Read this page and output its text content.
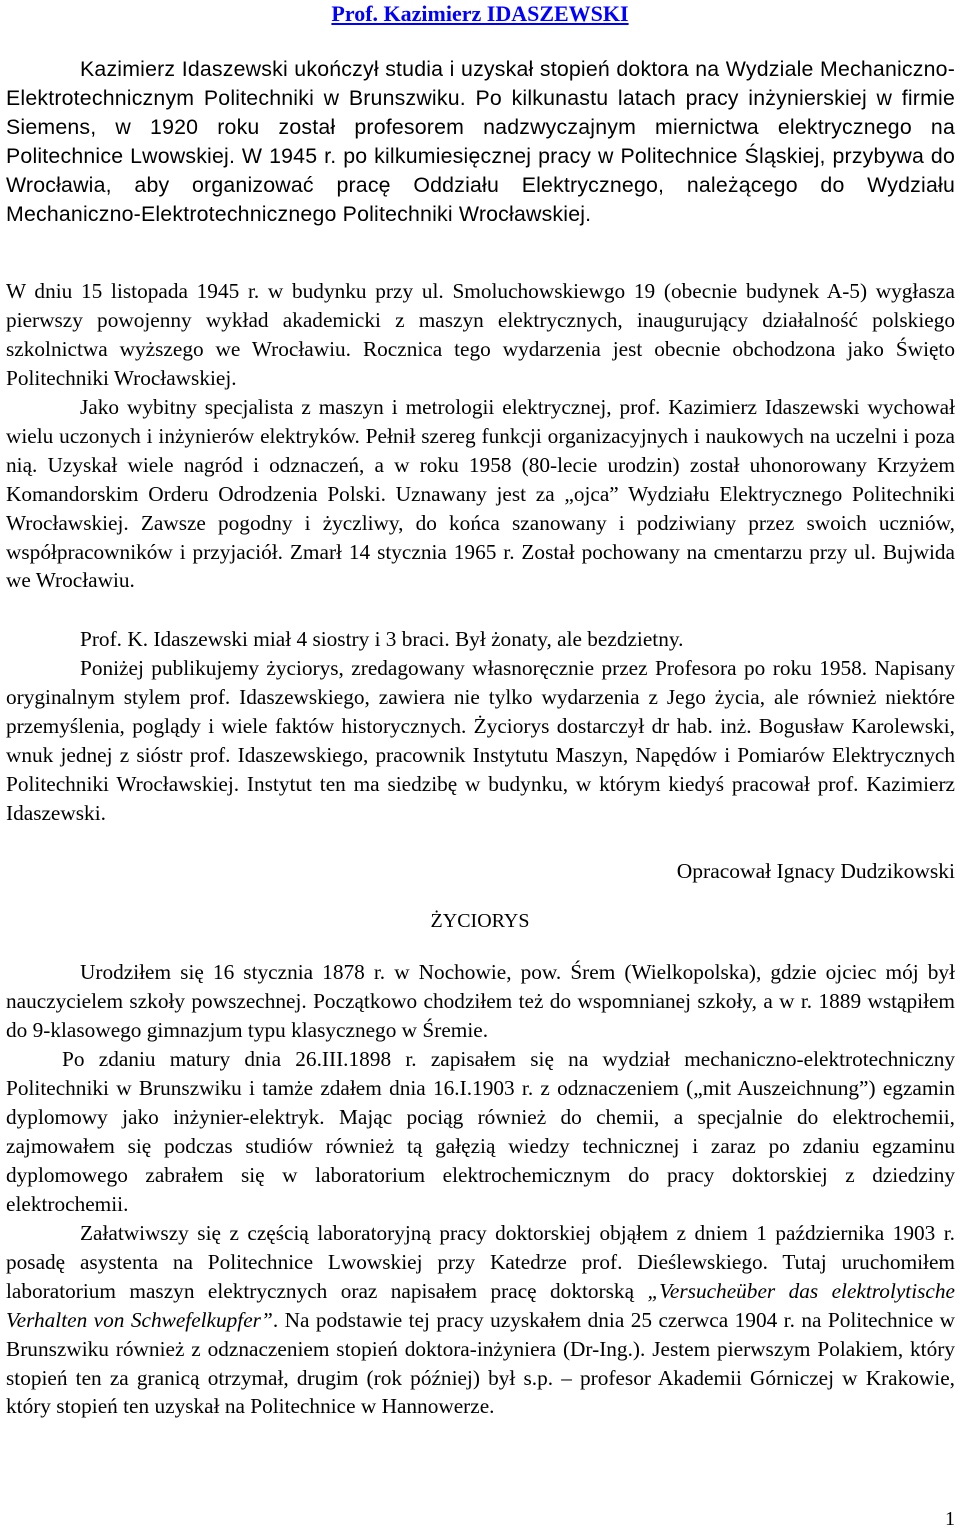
Prof. Kazimierz IDASZEWSKI

Kazimierz Idaszewski ukończył studia i uzyskał stopień doktora na Wydziale Mechaniczno-Elektrotechnicznym Politechniki w Brunszwiku. Po kilkunastu latach pracy inżynierskiej w firmie Siemens, w 1920 roku został profesorem nadzwyczajnym miernictwa elektrycznego na Politechnice Lwowskiej. W 1945 r. po kilkumiesięcznej pracy w Politechnice Śląskiej, przybywa do Wrocławia, aby organizować pracę Oddziału Elektrycznego, należącego do Wydziału Mechaniczno-Elektrotechnicznego Politechniki Wrocławskiej.

W dniu 15 listopada 1945 r. w budynku przy ul. Smoluchowskiewgo 19 (obecnie budynek A-5) wygłasza pierwszy powojenny wykład akademicki z maszyn elektrycznych, inaugurujący działalność polskiego szkolnictwa wyższego we Wrocławiu. Rocznica tego wydarzenia jest obecnie obchodzona jako Święto Politechniki Wrocławskiej.

Jako wybitny specjalista z maszyn i metrologii elektrycznej, prof. Kazimierz Idaszewski wychował wielu uczonych i inżynierów elektryków. Pełnił szereg funkcji organizacyjnych i naukowych na uczelni i poza nią. Uzyskał wiele nagród i odznaczeń, a w roku 1958 (80-lecie urodzin) został uhonorowany Krzyżem Komandorskim Orderu Odrodzenia Polski. Uznawany jest za „ojca” Wydziału Elektrycznego Politechniki Wrocławskiej. Zawsze pogodny i życzliwy, do końca szanowany i podziwiany przez swoich uczniów, współpracowników i przyjaciół. Zmarł 14 stycznia 1965 r. Został pochowany na cmentarzu przy ul. Bujwida we Wrocławiu.

Prof. K. Idaszewski miał 4 siostry i 3 braci. Był żonaty, ale bezdzietny.

Poniżej publikujemy życiorys, zredagowany własnoręcznie przez Profesora po roku 1958. Napisany oryginalnym stylem prof. Idaszewskiego, zawiera nie tylko wydarzenia z Jego życia, ale również niektóre przemyślenia, poglądy i wiele faktów historycznych. Życiorys dostarczył dr hab. inż. Bogusław Karolewski, wnuk jednej z sióstr prof. Idaszewskiego, pracownik Instytutu Maszyn, Napędów i Pomiarów Elektrycznych Politechniki Wrocławskiej. Instytut ten ma siedzibę w budynku, w którym kiedyś pracował prof. Kazimierz Idaszewski.

Opracował Ignacy Dudzikowski

ŻYCIORYS

Urodziłem się 16 stycznia 1878 r. w Nochowie, pow. Śrem (Wielkopolska), gdzie ojciec mój był nauczycielem szkoły powszechnej. Początkowo chodziłem też do wspomnianej szkoły, a w r. 1889 wstąpiłem do 9-klasowego gimnazjum typu klasycznego w Śremie.

Po zdaniu matury dnia 26.III.1898 r. zapisałem się na wydział mechaniczno-elektrotechniczny Politechniki w Brunszwiku i tamże zdałem dnia 16.I.1903 r. z odznaczeniem („mit Auszeichnung”) egzamin dyplomowy jako inżynier-elektryk. Mając pociąg również do chemii, a specjalnie do elektrochemii, zajmowałem się podczas studiów również tą gałęzią wiedzy technicznej i zaraz po zdaniu egzaminu dyplomowego zabrałem się w laboratorium elektrochemicznym do pracy doktorskiej z dziedziny elektrochemii.

Załatwiwszy się z częścią laboratoryjną pracy doktorskiej objąłem z dniem 1 października 1903 r. posadę asystenta na Politechnice Lwowskiej przy Katedrze prof. Dieślewskiego. Tutaj uruchomiłem laboratorium maszyn elektrycznych oraz napisałem pracę doktorską „Versucheüber das elektrolytische Verhalten von Schwefelkupfer”. Na podstawie tej pracy uzyskałem dnia 25 czerwca 1904 r. na Politechnice w Brunszwiku również z odznaczeniem stopień doktora-inżyniera (Dr-Ing.). Jestem pierwszym Polakiem, który stopień ten za granicą otrzymał, drugim (rok później) był s.p. – profesor Akademii Górniczej w Krakowie, który stopień ten uzyskał na Politechnice w Hannowerze.

1
